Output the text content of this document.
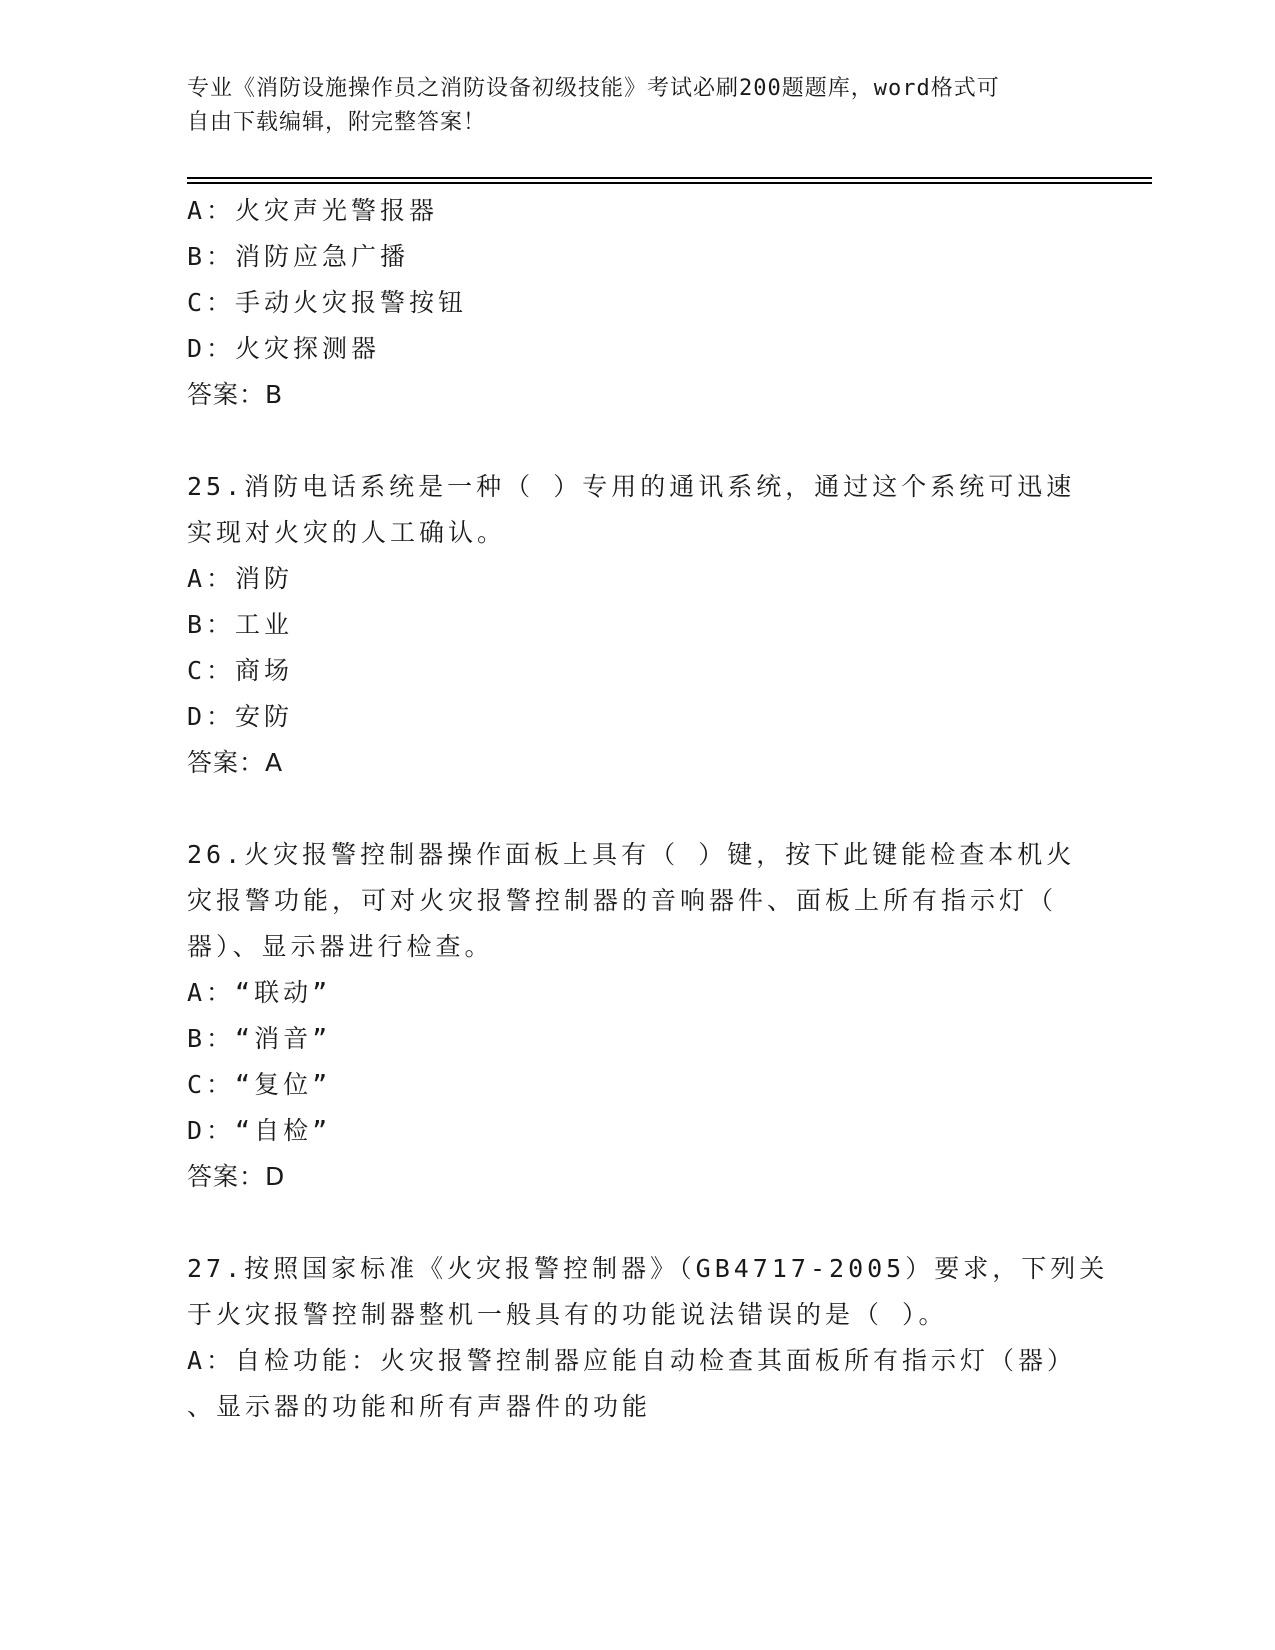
专业《消防设施操作员之消防设备初级技能》考试必刷200题题库，word格式可
自由下载编辑，附完整答案！
A：火灾声光警报器
B：消防应急广播
C：手动火灾报警按钮
D：火灾探测器
答案：B
25.消防电话系统是一种（ ）专用的通讯系统，通过这个系统可迅速
实现对火灾的人工确认。
A：消防
B：工业
C：商场
D：安防
答案：A
26.火灾报警控制器操作面板上具有（ ）键，按下此键能检查本机火
灾报警功能，可对火灾报警控制器的音响器件、面板上所有指示灯（
器）、显示器进行检查。
A：“联动”
B：“消音”
C：“复位”
D：“自检”
答案：D
27.按照国家标准《火灾报警控制器》（GB4717-2005）要求，下列关
于火灾报警控制器整机一般具有的功能说法错误的是（ ）。
A：自检功能：火灾报警控制器应能自动检查其面板所有指示灯（器）
、显示器的功能和所有声器件的功能
